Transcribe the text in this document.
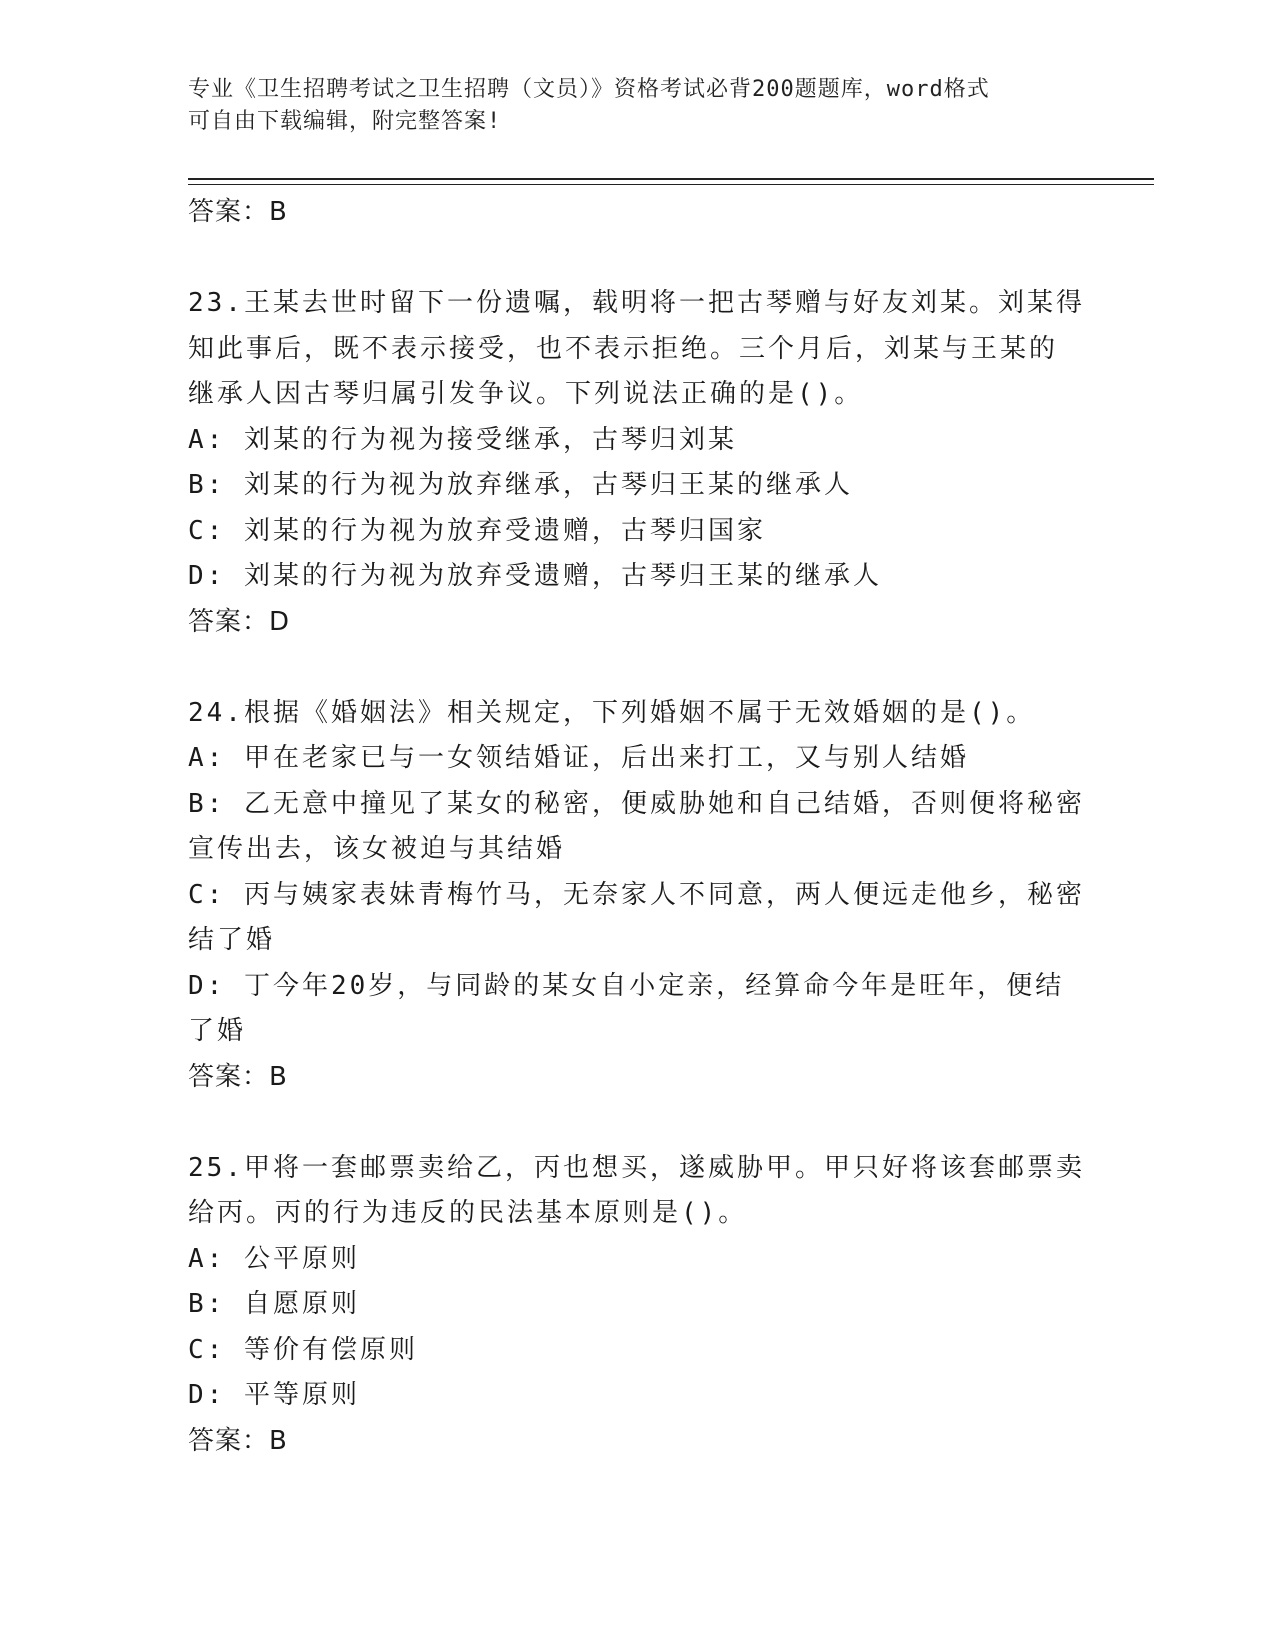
专业《卫生招聘考试之卫生招聘（文员）》资格考试必背200题题库，word格式
可自由下载编辑，附完整答案!
答案：B
23.王某去世时留下一份遗嘱，载明将一把古琴赠与好友刘某。刘某得
知此事后，既不表示接受，也不表示拒绝。三个月后，刘某与王某的
继承人因古琴归属引发争议。下列说法正确的是()。
A: 刘某的行为视为接受继承，古琴归刘某
B: 刘某的行为视为放弃继承，古琴归王某的继承人
C: 刘某的行为视为放弃受遗赠，古琴归国家
D: 刘某的行为视为放弃受遗赠，古琴归王某的继承人
答案：D
24.根据《婚姻法》相关规定，下列婚姻不属于无效婚姻的是()。
A: 甲在老家已与一女领结婚证，后出来打工，又与别人结婚
B: 乙无意中撞见了某女的秘密，便威胁她和自己结婚，否则便将秘密
宣传出去，该女被迫与其结婚
C: 丙与姨家表妹青梅竹马，无奈家人不同意，两人便远走他乡，秘密
结了婚
D: 丁今年20岁，与同龄的某女自小定亲，经算命今年是旺年，便结
了婚
答案：B
25.甲将一套邮票卖给乙，丙也想买，遂威胁甲。甲只好将该套邮票卖
给丙。丙的行为违反的民法基本原则是()。
A: 公平原则
B: 自愿原则
C: 等价有偿原则
D: 平等原则
答案：B
